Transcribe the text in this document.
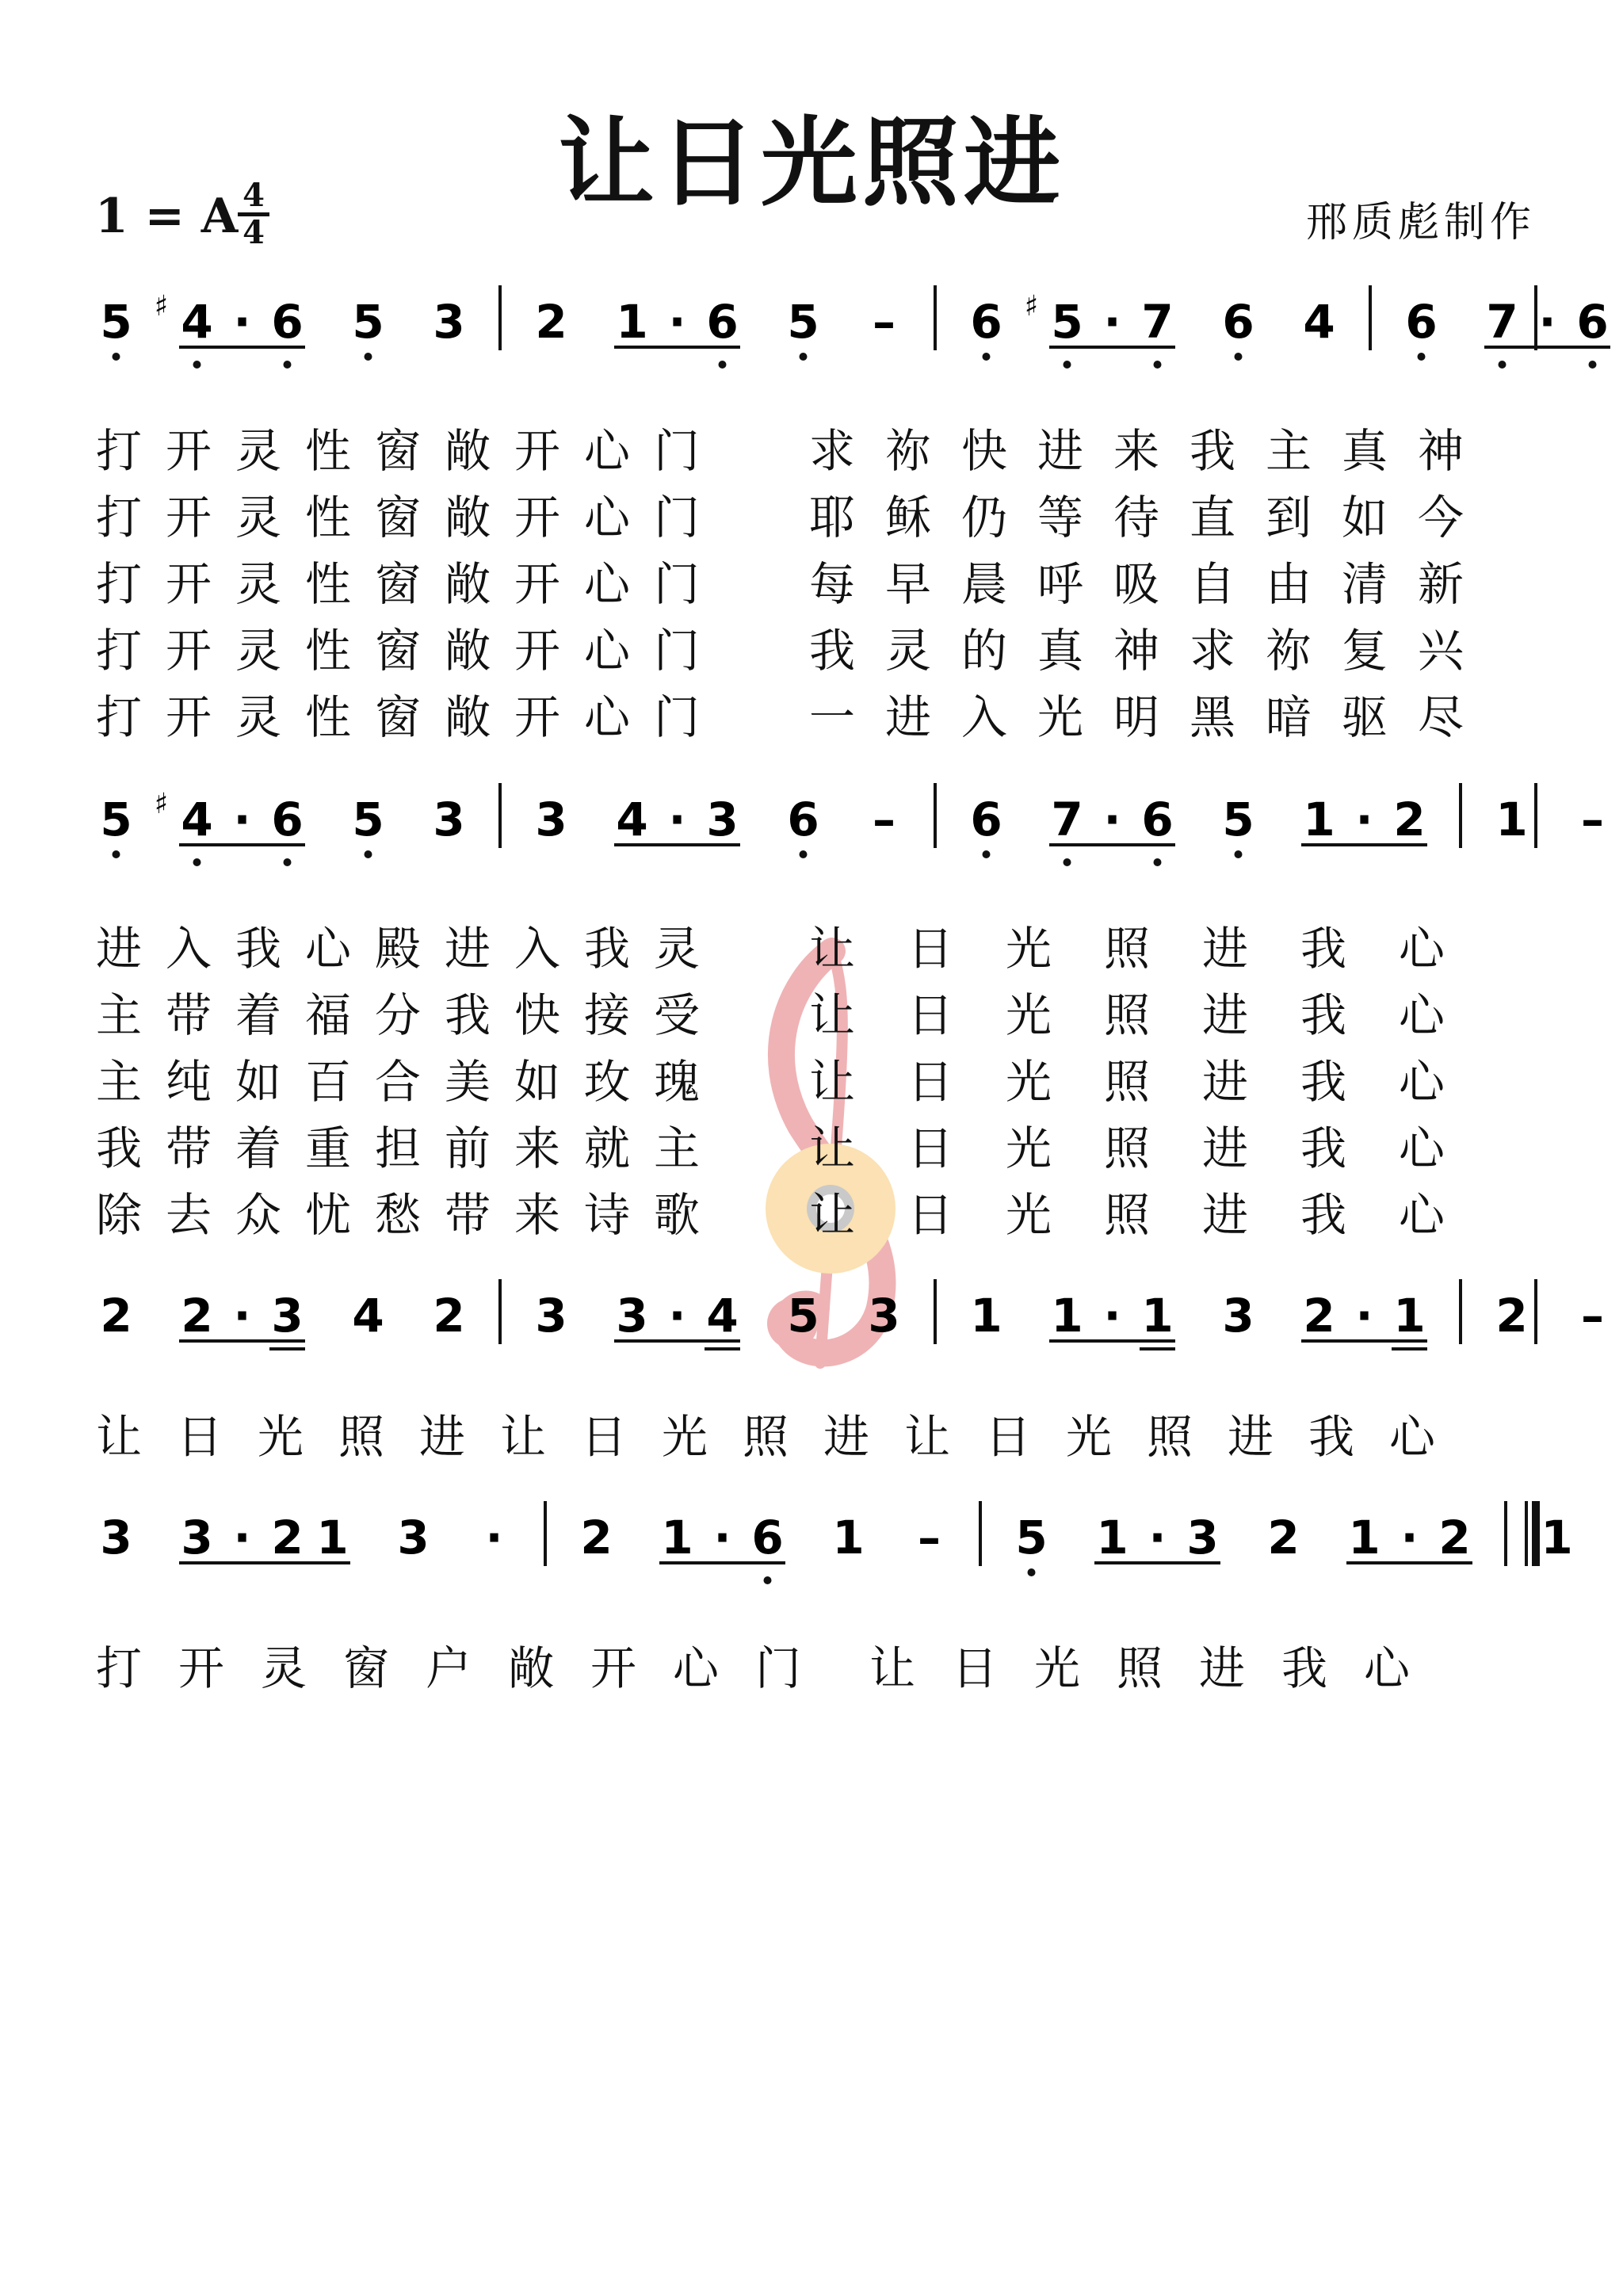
让日光照进
1 = A 4
4	邢质彪制作
5 ♯ 4 · 6 5 3 2 1 · 6 5 – 6 ♯ 5 · 7 6 4 6 7 · 6
5 ♯ 4 · 6 5 3 3 4 · 3 6 – 6 7 · 6 5 1 · 2 1 –
2 2 · 3 4 2 3 3 · 4 5 3 1 1 · 1 3 2 · 1 2 –
3 3 · 2 1 3 · 2 1 · 6 1 – 5 1 · 3 2 1 · 2 1
打 开 灵 性 窗 敞 开 心 门 求 祢 快 进 来 我 主 真 神
打 开 灵 性 窗 敞 开 心 门 耶 稣 仍 等 待 直 到 如 今
打 开 灵 性 窗 敞 开 心 门 每 早 晨 呼 吸 自 由 清 新
打 开 灵 性 窗 敞 开 心 门 我 灵 的 真 神 求 祢 复 兴
打 开 灵 性 窗 敞 开 心 门 一 进 入 光 明 黑 暗 驱 尽
进 入 我 心 殿 进 入 我 灵 让 日 光 照 进 我 心
主 带 着 福 分 我 快 接 受 让 日 光 照 进 我 心
主 纯 如 百 合 美 如 玫 瑰 让 日 光 照 进 我 心
我 带 着 重 担 前 来 就 主 让 日 光 照 进 我 心
除 去 众 忧 愁 带 来 诗 歌 让 日 光 照 进 我 心
让 日 光 照 进 让 日 光 照 进 让 日 光 照 进 我 心
打 开 灵 窗 户 敞 开 心 门 让 日 光 照 进 我 心
